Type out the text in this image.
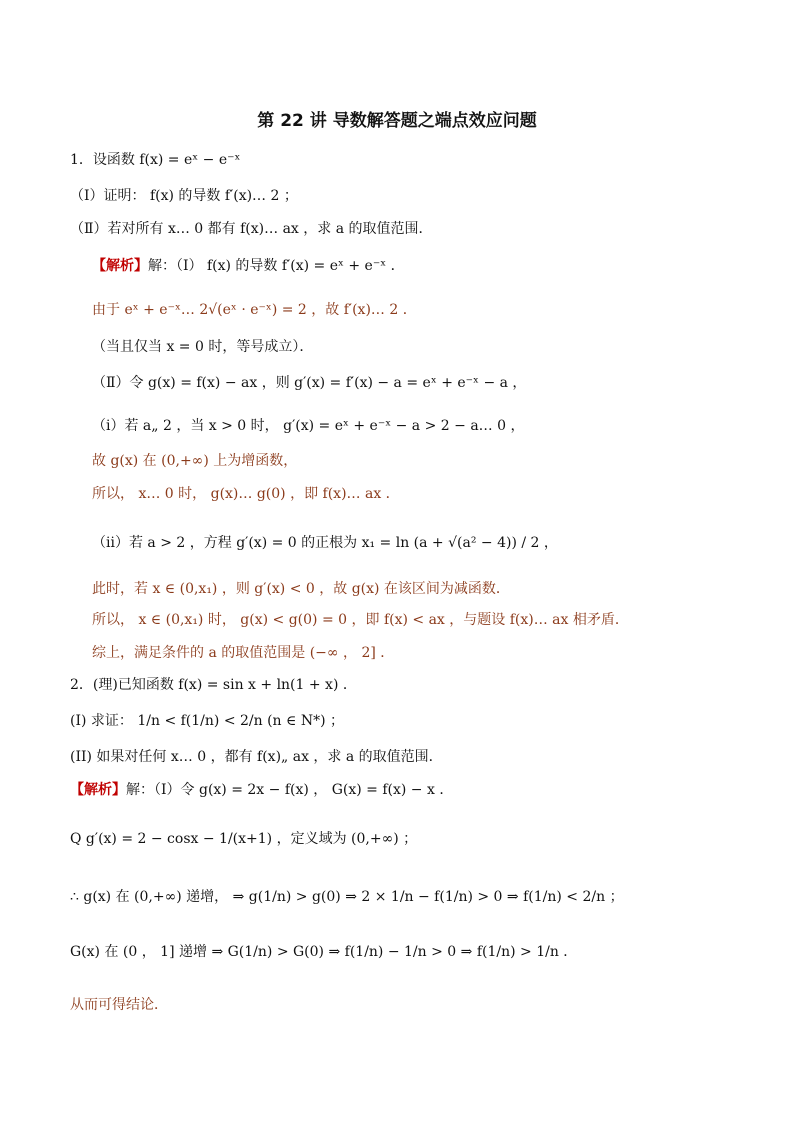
第 22 讲 导数解答题之端点效应问题
1．设函数 f(x) = eˣ − e⁻ˣ
（Ⅰ）证明： f(x) 的导数 f′(x)… 2 ；
（Ⅱ）若对所有 x… 0 都有 f(x)… ax ，求 a 的取值范围．
【解析】解：（Ⅰ） f(x) 的导数 f′(x) = eˣ + e⁻ˣ ．
由于 eˣ + e⁻ˣ… 2√(eˣ · e⁻ˣ) = 2 ，故 f′(x)… 2 ．
（当且仅当 x = 0 时，等号成立）．
（Ⅱ）令 g(x) = f(x) − ax ，则 g′(x) = f′(x) − a = eˣ + e⁻ˣ − a ，
（ⅰ）若 a„ 2 ，当 x > 0 时， g′(x) = eˣ + e⁻ˣ − a > 2 − a… 0 ，
故 g(x) 在 (0,+∞) 上为增函数，
所以， x… 0 时， g(x)… g(0) ，即 f(x)… ax ．
（ⅱ）若 a > 2 ，方程 g′(x) = 0 的正根为 x₁ = ln (a + √(a² − 4)) / 2 ，
此时，若 x ∈ (0,x₁) ，则 g′(x) < 0 ，故 g(x) 在该区间为减函数．
所以， x ∈ (0,x₁) 时， g(x) < g(0) = 0 ，即 f(x) < ax ，与题设 f(x)… ax 相矛盾．
综上，满足条件的 a 的取值范围是 (−∞ ， 2] ．
2．(理)已知函数 f(x) = sin x + ln(1 + x) ．
(I) 求证： 1/n < f(1/n) < 2/n (n ∈ N*) ；
(II) 如果对任何 x… 0 ，都有 f(x)„ ax ，求 a 的取值范围．
【解析】解：（Ⅰ）令 g(x) = 2x − f(x) ， G(x) = f(x) − x ．
Q g′(x) = 2 − cosx − 1/(x+1) ，定义域为 (0,+∞) ；
∴ g(x) 在 (0,+∞) 递增， ⇒ g(1/n) > g(0) ⇒ 2 × 1/n − f(1/n) > 0 ⇒ f(1/n) < 2/n ；
G(x) 在 (0 ， 1] 递增 ⇒ G(1/n) > G(0) ⇒ f(1/n) − 1/n > 0 ⇒ f(1/n) > 1/n ．
从而可得结论．
